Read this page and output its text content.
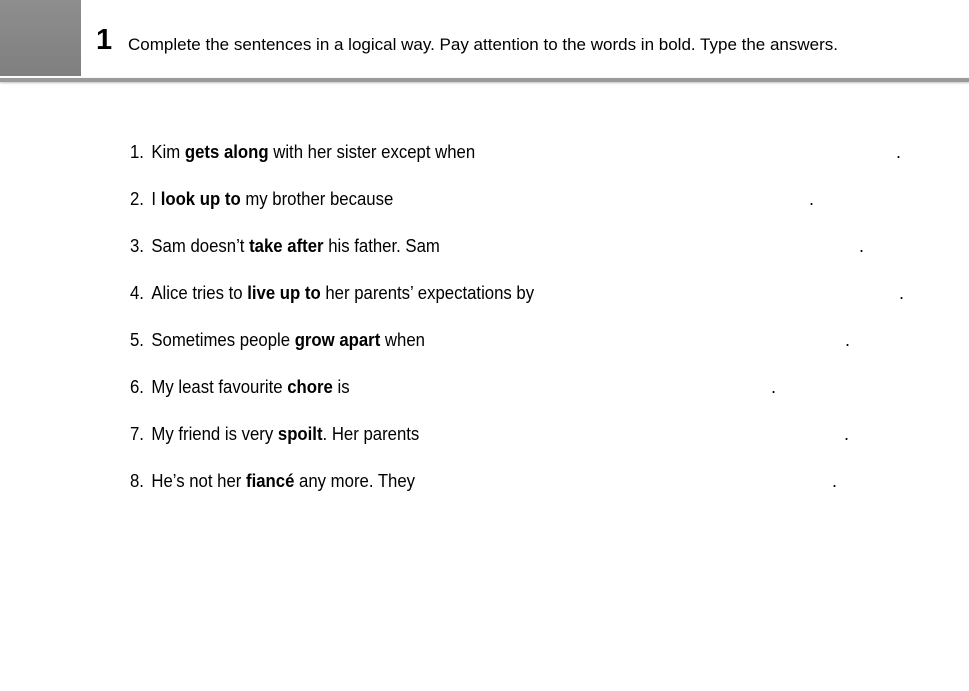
1 Complete the sentences in a logical way. Pay attention to the words in bold. Type the answers.
1. Kim gets along with her sister except when	.
2. I look up to my brother because	.
3. Sam doesn’t take after his father. Sam	.
4. Alice tries to live up to her parents’ expectations by	.
5. Sometimes people grow apart when	.
6. My least favourite chore is	.
7. My friend is very spoilt. Her parents	.
8. He’s not her fiancé any more. They	.
